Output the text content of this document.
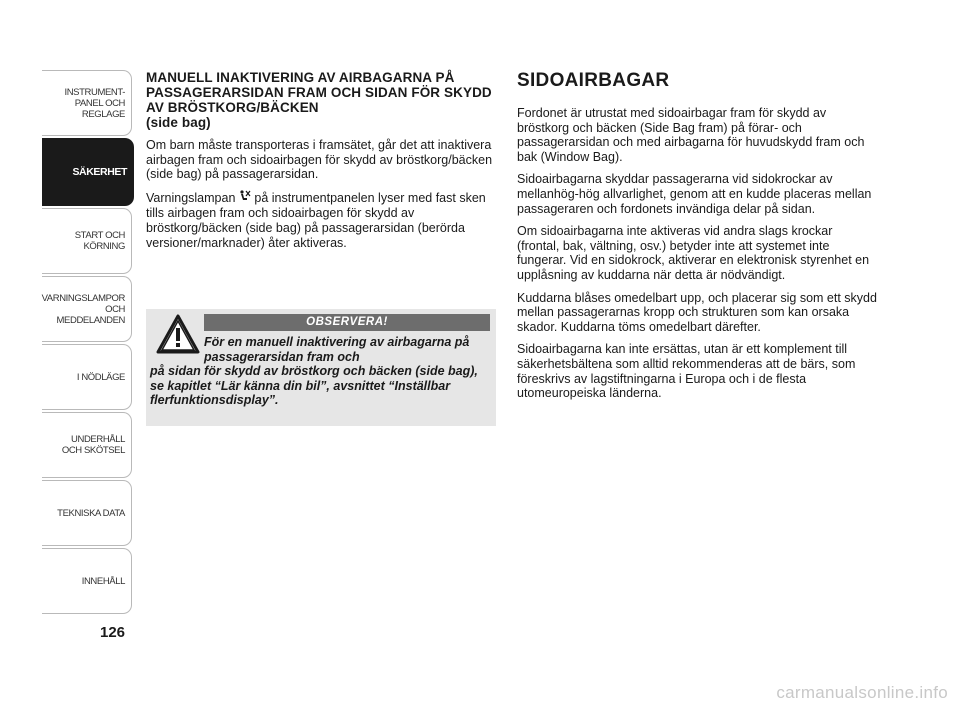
INSTRUMENT-
PANEL OCH
REGLAGE
SÄKERHET
START OCH
KÖRNING
VARNINGSLAMPOR
OCH
MEDDELANDEN
I NÖDLÄGE
UNDERHÅLL
OCH SKÖTSEL
TEKNISKA DATA
INNEHÅLL
126
MANUELL INAKTIVERING AV AIRBAGARNA PÅ PASSAGERARSIDAN FRAM OCH SIDAN FÖR SKYDD AV BRÖSTKORG/BÄCKEN
(side bag)

Om barn måste transporteras i framsätet, går det att inaktivera airbagen fram och sidoairbagen för skydd av bröstkorg/bäcken (side bag) på passagerarsidan.

Varningslampan  på instrumentpanelen lyser med fast sken tills airbagen fram och sidoairbagen för skydd av bröstkorg/bäcken (side bag) på passagerarsidan (berörda versioner/marknader) åter aktiveras.

OBSERVERA!
För en manuell inaktivering av airbagarna på passagerarsidan fram och
på sidan för skydd av bröstkorg och bäcken (side bag), se kapitlet “Lär känna din bil”, avsnittet “Inställbar flerfunktionsdisplay”.
SIDOAIRBAGAR

Fordonet är utrustat med sidoairbagar fram för skydd av bröstkorg och bäcken (Side Bag fram) på förar- och passagerarsidan och med airbagarna för huvudskydd fram och bak (Window Bag).

Sidoairbagarna skyddar passagerarna vid sidokrockar av mellanhög-hög allvarlighet, genom att en kudde placeras mellan passageraren och fordonets invändiga delar på sidan.

Om sidoairbagarna inte aktiveras vid andra slags krockar (frontal, bak, vältning, osv.) betyder inte att systemet inte fungerar. Vid en sidokrock, aktiverar en elektronisk styrenhet en upplåsning av kuddarna när detta är nödvändigt.

Kuddarna blåses omedelbart upp, och placerar sig som ett skydd mellan passagerarnas kropp och strukturen som kan orsaka skador. Kuddarna töms omedelbart därefter.

Sidoairbagarna kan inte ersättas, utan är ett komplement till säkerhetsbältena som alltid rekommenderas att de bärs, som föreskrivs av lagstiftningarna i Europa och i de flesta utomeuropeiska länderna.

carmanualsonline.info
